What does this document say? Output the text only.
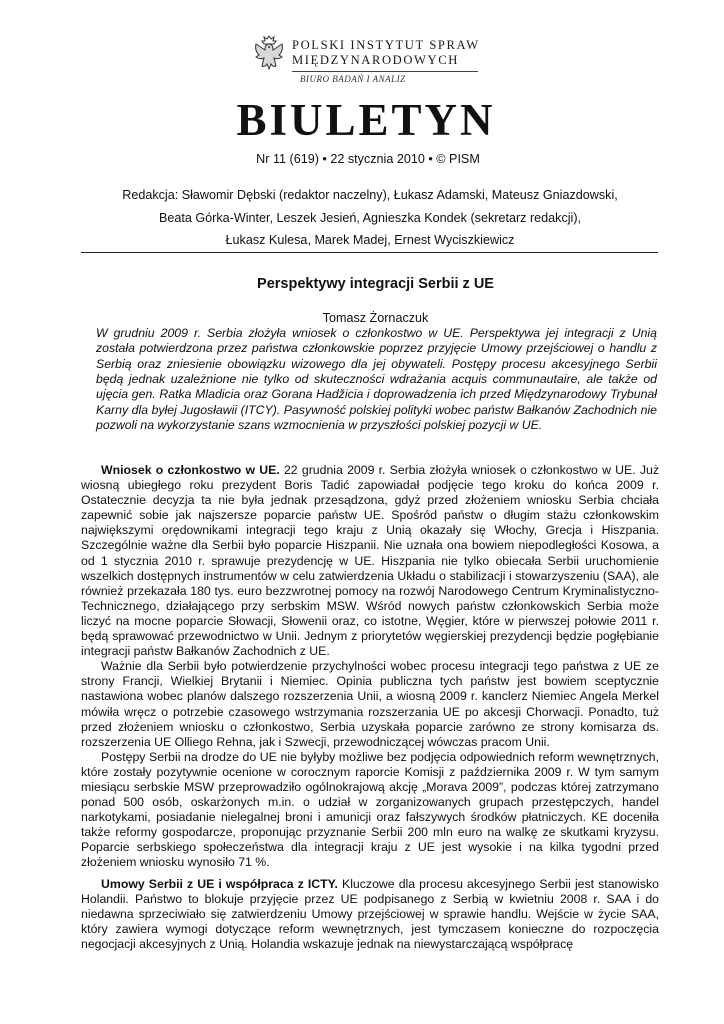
POLSKI INSTYTUT SPRAW
MIĘDZYNARODOWYCH
BIURO BADAŃ I ANALIZ
BIULETYN
Nr 11 (619) • 22 stycznia 2010 • © PISM
Redakcja: Sławomir Dębski (redaktor naczelny), Łukasz Adamski, Mateusz Gniazdowski,
Beata Górka-Winter, Leszek Jesień, Agnieszka Kondek (sekretarz redakcji),
Łukasz Kulesa, Marek Madej, Ernest Wyciszkiewicz
Perspektywy integracji Serbii z UE
Tomasz Żornaczuk

W grudniu 2009 r. Serbia złożyła wniosek o członkostwo w UE. Perspektywa jej integracji z Unią została potwierdzona przez państwa członkowskie poprzez przyjęcie Umowy przejściowej o handlu z Serbią oraz zniesienie obowiązku wizowego dla jej obywateli. Postępy procesu akcesyjnego Serbii będą jednak uzależnione nie tylko od skuteczności wdrażania acquis communautaire, ale także od ujęcia gen. Ratka Mladicia oraz Gorana Hadžicia i doprowadzenia ich przed Międzynarodowy Trybunał Karny dla byłej Jugosławii (ITCY). Pasywność polskiej polityki wobec państw Bałkanów Zachodnich nie pozwoli na wykorzystanie szans wzmocnienia w przyszłości polskiej pozycji w UE.

Wniosek o członkostwo w UE. 22 grudnia 2009 r. Serbia złożyła wniosek o członkostwo w UE. Już wiosną ubiegłego roku prezydent Boris Tadić zapowiadał podjęcie tego kroku do końca 2009 r. Ostatecznie decyzja ta nie była jednak przesądzona, gdyż przed złożeniem wniosku Serbia chciała zapewnić sobie jak najszersze poparcie państw UE. Spośród państw o długim stażu członkowskim największymi orędownikami integracji tego kraju z Unią okazały się Włochy, Grecja i Hiszpania. Szczególnie ważne dla Serbii było poparcie Hiszpanii. Nie uznała ona bowiem niepodległości Kosowa, a od 1 stycznia 2010 r. sprawuje prezydencję w UE. Hiszpania nie tylko obiecała Serbii uruchomienie wszelkich dostępnych instrumentów w celu zatwierdzenia Układu o stabilizacji i stowarzyszeniu (SAA), ale również przekazała 180 tys. euro bezzwrotnej pomocy na rozwój Narodowego Centrum Kryminalistyczno-Technicznego, działającego przy serbskim MSW. Wśród nowych państw członkowskich Serbia może liczyć na mocne poparcie Słowacji, Słowenii oraz, co istotne, Węgier, które w pierwszej połowie 2011 r. będą sprawować przewodnictwo w Unii. Jednym z priorytetów węgierskiej prezydencji będzie pogłębianie integracji państw Bałkanów Zachodnich z UE.

Ważnie dla Serbii było potwierdzenie przychylności wobec procesu integracji tego państwa z UE ze strony Francji, Wielkiej Brytanii i Niemiec. Opinia publiczna tych państw jest bowiem sceptycznie nastawiona wobec planów dalszego rozszerzenia Unii, a wiosną 2009 r. kanclerz Niemiec Angela Merkel mówiła wręcz o potrzebie czasowego wstrzymania rozszerzania UE po akcesji Chorwacji. Ponadto, tuż przed złożeniem wniosku o członkostwo, Serbia uzyskała poparcie zarówno ze strony komisarza ds. rozszerzenia UE Olliego Rehna, jak i Szwecji, przewodniczącej wówczas pracom Unii.

Postępy Serbii na drodze do UE nie byłyby możliwe bez podjęcia odpowiednich reform wewnętrznych, które zostały pozytywnie ocenione w corocznym raporcie Komisji z października 2009 r. W tym samym miesiącu serbskie MSW przeprowadziło ogólnokrajową akcję „Morava 2009”, podczas której zatrzymano ponad 500 osób, oskarżonych m.in. o udział w zorganizowanych grupach przestępczych, handel narkotykami, posiadanie nielegalnej broni i amunicji oraz fałszywych środków płatniczych. KE doceniła także reformy gospodarcze, proponując przyznanie Serbii 200 mln euro na walkę ze skutkami kryzysu. Poparcie serbskiego społeczeństwa dla integracji kraju z UE jest wysokie i na kilka tygodni przed złożeniem wniosku wynosiło 71 %.

Umowy Serbii z UE i współpraca z ICTY. Kluczowe dla procesu akcesyjnego Serbii jest stanowisko Holandii. Państwo to blokuje przyjęcie przez UE podpisanego z Serbią w kwietniu 2008 r. SAA i do niedawna sprzeciwiało się zatwierdzeniu Umowy przejściowej w sprawie handlu. Wejście w życie SAA, który zawiera wymogi dotyczące reform wewnętrznych, jest tymczasem konieczne do rozpoczęcia negocjacji akcesyjnych z Unią. Holandia wskazuje jednak na niewystarczającą współpracę
